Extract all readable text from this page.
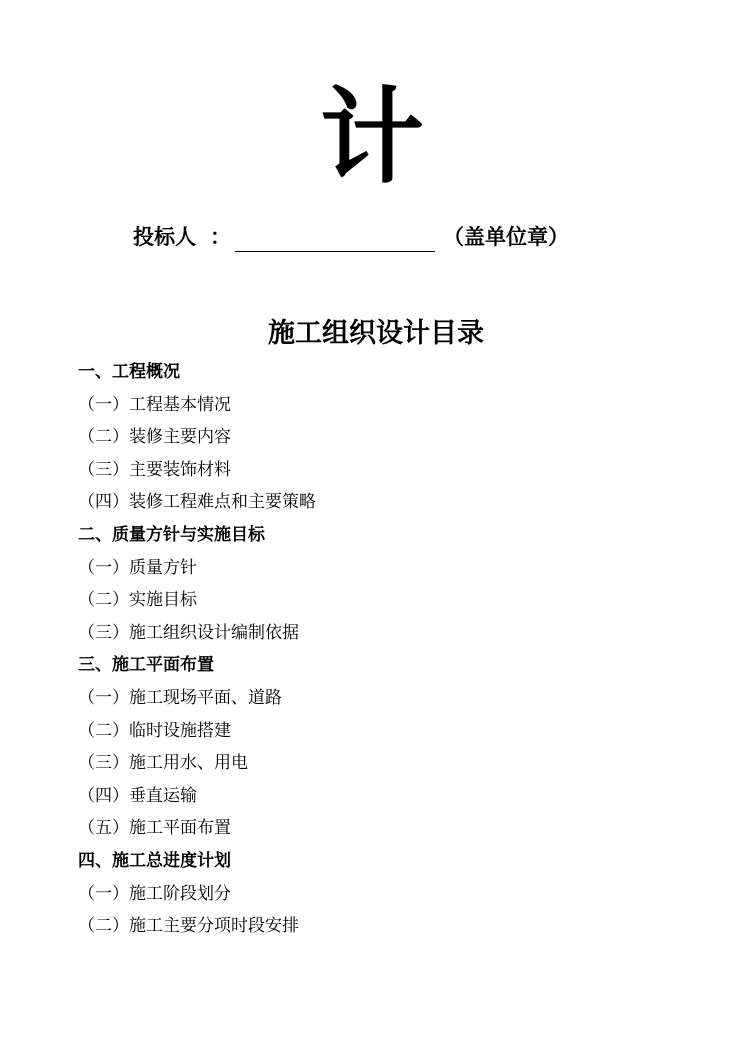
计
投标人 ：	（盖单位章）
施工组织设计目录
一、工程概况
（一）工程基本情况
（二）装修主要内容
（三）主要装饰材料
（四）装修工程难点和主要策略
二、质量方针与实施目标
（一）质量方针
（二）实施目标
（三）施工组织设计编制依据
三、施工平面布置
（一）施工现场平面、道路
（二）临时设施搭建
（三）施工用水、用电
（四）垂直运输
（五）施工平面布置
四、施工总进度计划
（一）施工阶段划分
（二）施工主要分项时段安排
